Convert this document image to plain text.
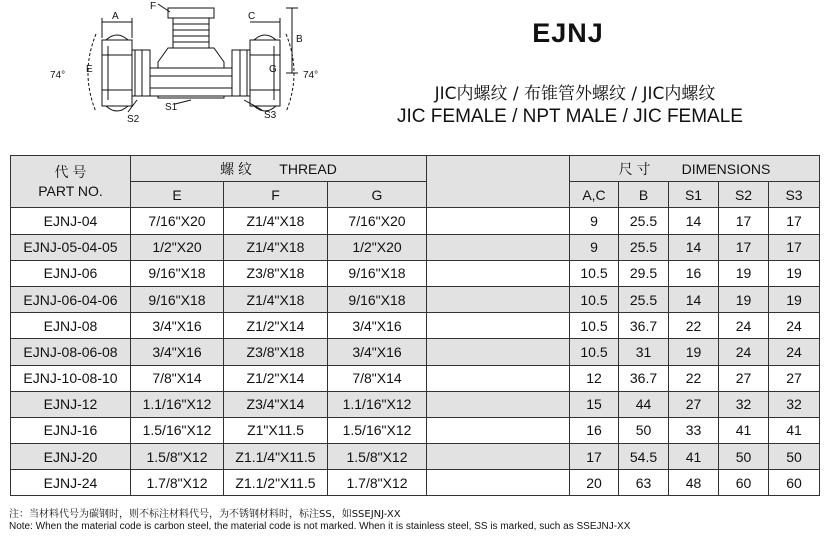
A
F
C
B
E	G
S1
S2	S3
74°	74°
EJNJ
JIC内螺纹 / 布锥管外螺纹 / JIC内螺纹
JIC FEMALE / NPT MALE / JIC FEMALE
代 号
PART NO.	螺 纹 THREAD				尺 寸 DIMENSIONS				
	E	F	G		A,C	B	S1	S2	S3
EJNJ-04	7/16"X20	Z1/4"X18	7/16"X20		9	25.5	14	17	17
EJNJ-05-04-05	1/2"X20	Z1/4"X18	1/2"X20		9	25.5	14	17	17
EJNJ-06	9/16"X18	Z3/8"X18	9/16"X18		10.5	29.5	16	19	19
EJNJ-06-04-06	9/16"X18	Z1/4"X18	9/16"X18		10.5	25.5	14	19	19
EJNJ-08	3/4"X16	Z1/2"X14	3/4"X16		10.5	36.7	22	24	24
EJNJ-08-06-08	3/4"X16	Z3/8"X18	3/4"X16		10.5	31	19	24	24
EJNJ-10-08-10	7/8"X14	Z1/2"X14	7/8"X14		12	36.7	22	27	27
EJNJ-12	1.1/16"X12	Z3/4"X14	1.1/16"X12		15	44	27	32	32
EJNJ-16	1.5/16"X12	Z1"X11.5	1.5/16"X12		16	50	33	41	41
EJNJ-20	1.5/8"X12	Z1.1/4"X11.5	1.5/8"X12		17	54.5	41	50	50
EJNJ-24	1.7/8"X12	Z1.1/2"X11.5	1.7/8"X12		20	63	48	60	60
注：当材料代号为碳钢时，则不标注材料代号，为不锈钢材料时，标注SS，如SSEJNJ-XX
Note: When the material code is carbon steel, the material code is not marked. When it is stainless steel, SS is marked, such as SSEJNJ-XX
